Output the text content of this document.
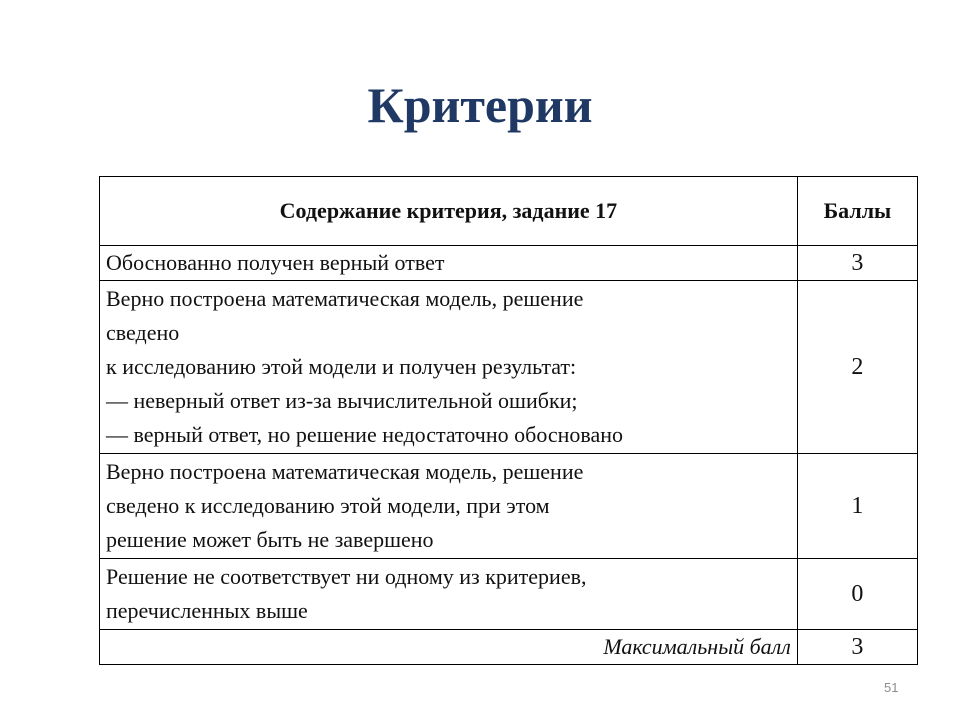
Критерии
Содержание критерия, задание 17	Баллы

Обоснованно получен верный ответ	3

Верно построена математическая модель, решение
сведено
к исследованию этой модели и получен результат:
— неверный ответ из-за вычислительной ошибки;
— верный ответ, но решение недостаточно обосновано	2

Верно построена математическая модель, решение
сведено к исследованию этой модели, при этом
решение может быть не завершено	1

Решение не соответствует ни одному из критериев,
перечисленных выше	0
Максимальный балл	3
51
